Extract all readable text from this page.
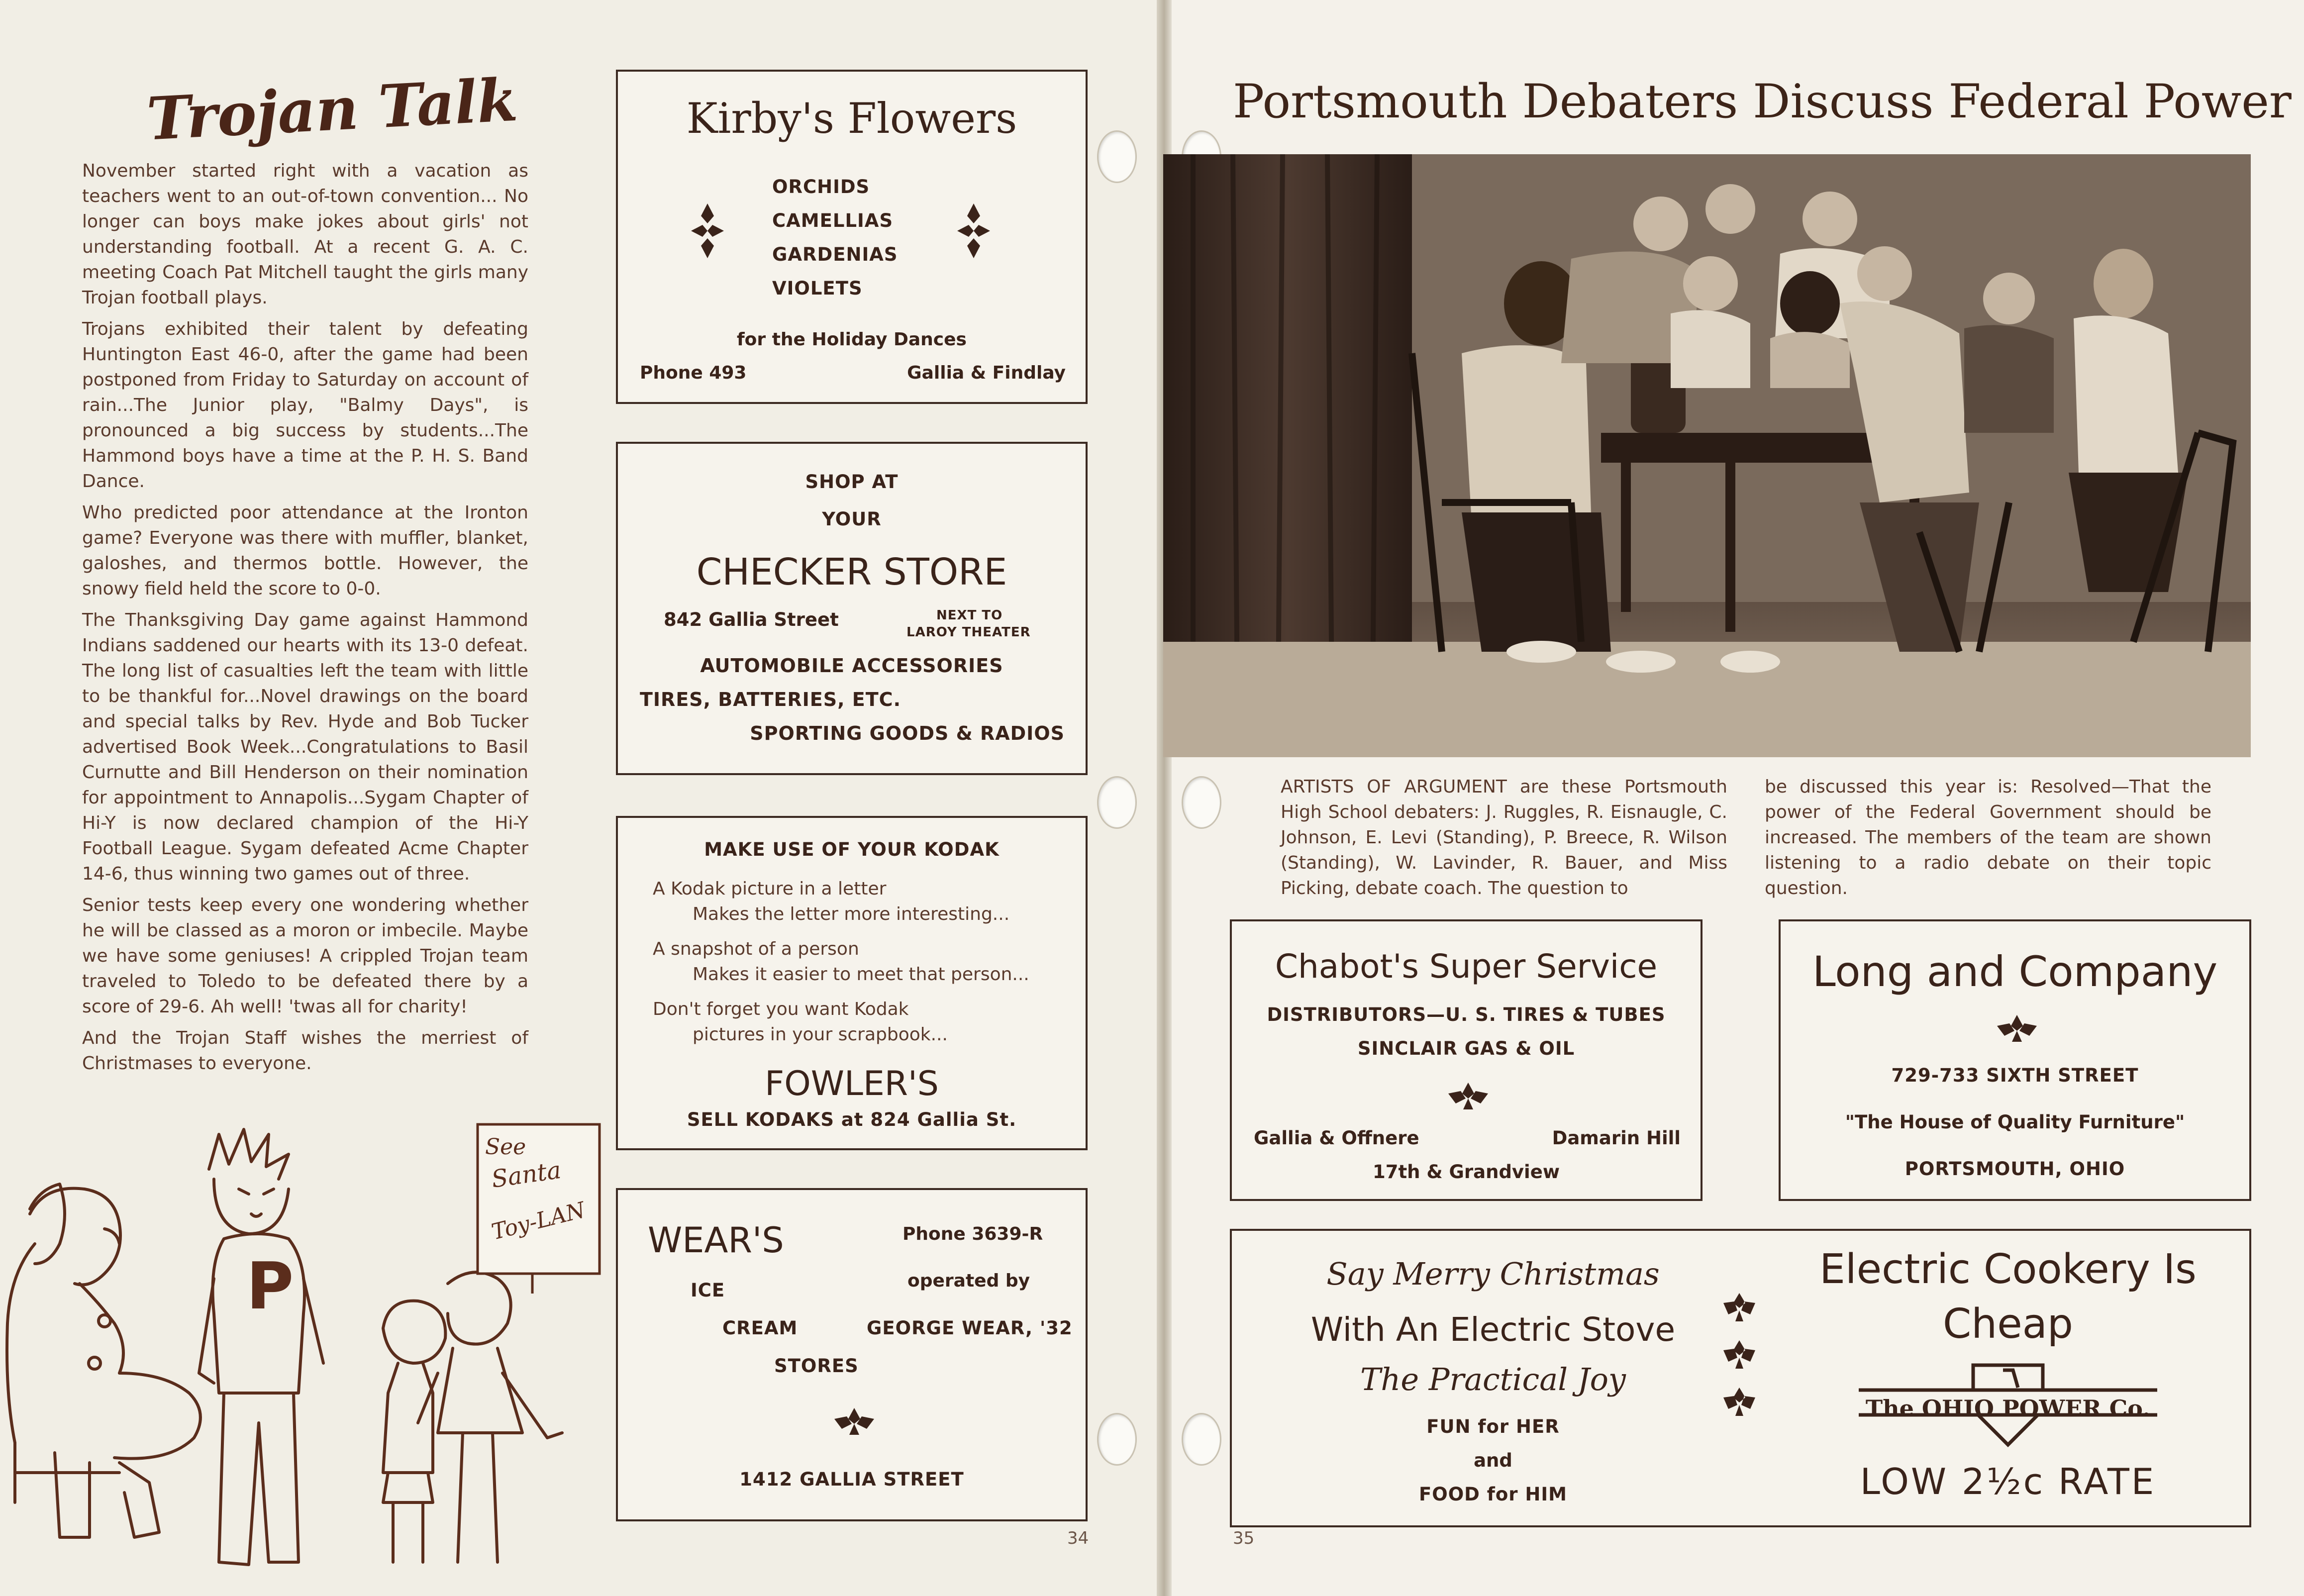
Trojan Talk

November started right with a vacation as teachers went to an out-of-town convention... No longer can boys make jokes about girls' not understanding football. At a recent G. A. C. meeting Coach Pat Mitchell taught the girls many Trojan football plays.

Trojans exhibited their talent by defeating Huntington East 46-0, after the game had been postponed from Friday to Saturday on account of rain...The Junior play, "Balmy Days", is pronounced a big success by students...The Hammond boys have a time at the P. H. S. Band Dance.

Who predicted poor attendance at the Ironton game? Everyone was there with muffler, blanket, galoshes, and thermos bottle. However, the snowy field held the score to 0-0.

The Thanksgiving Day game against Hammond Indians saddened our hearts with its 13-0 defeat. The long list of casualties left the team with little to be thankful for...Novel drawings on the board and special talks by Rev. Hyde and Bob Tucker advertised Book Week...Congratulations to Basil Curnutte and Bill Henderson on their nomination for appointment to Annapolis...Sygam Chapter of Hi-Y is now declared champion of the Hi-Y Football League. Sygam defeated Acme Chapter 14-6, thus winning two games out of three.

Senior tests keep every one wondering whether he will be classed as a moron or imbecile. Maybe we have some geniuses! A crippled Trojan team traveled to Toledo to be defeated there by a score of 29-6. Ah well! 'twas all for charity!

And the Trojan Staff wishes the merriest of Christmases to everyone.

P
See
Santa
Toy-LAN
34
Kirby's Flowers
ORCHIDS
CAMELLIAS
GARDENIAS
VIOLETS
for the Holiday Dances
Phone 493	Gallia & Findlay
SHOP AT
YOUR
CHECKER STORE
842 Gallia Street	NEXT TO
LAROY THEATER
AUTOMOBILE ACCESSORIES
TIRES, BATTERIES, ETC.
SPORTING GOODS & RADIOS
MAKE USE OF YOUR KODAK
A Kodak picture in a letter
Makes the letter more interesting...
A snapshot of a person
Makes it easier to meet that person...
Don't forget you want Kodak
pictures in your scrapbook...
FOWLER'S
SELL KODAKS at 824 Gallia St.
WEAR'S	Phone 3639-R
ICE	operated by
CREAM	GEORGE WEAR, '32
STORES
1412 GALLIA STREET
Portsmouth Debaters Discuss Federal Power
ARTISTS OF ARGUMENT are these Portsmouth High School debaters: J. Ruggles, R. Eisnaugle, C. Johnson, E. Levi (Standing), P. Breece, R. Wilson (Standing), W. Lavinder, R. Bauer, and Miss Picking, debate coach. The question to
be discussed this year is: Resolved—That the power of the Federal Government should be increased. The members of the team are shown listening to a radio debate on their topic question.
Chabot's Super Service
DISTRIBUTORS—U. S. TIRES & TUBES
SINCLAIR GAS & OIL
Gallia & Offnere	Damarin Hill
17th & Grandview
Long and Company
729-733 SIXTH STREET
"The House of Quality Furniture"
PORTSMOUTH, OHIO
Say Merry Christmas
With An Electric Stove
The Practical Joy
FUN for HER
and
FOOD for HIM
Electric Cookery Is
Cheap
The OHIO POWER Co.
LOW 2½c RATE
35
